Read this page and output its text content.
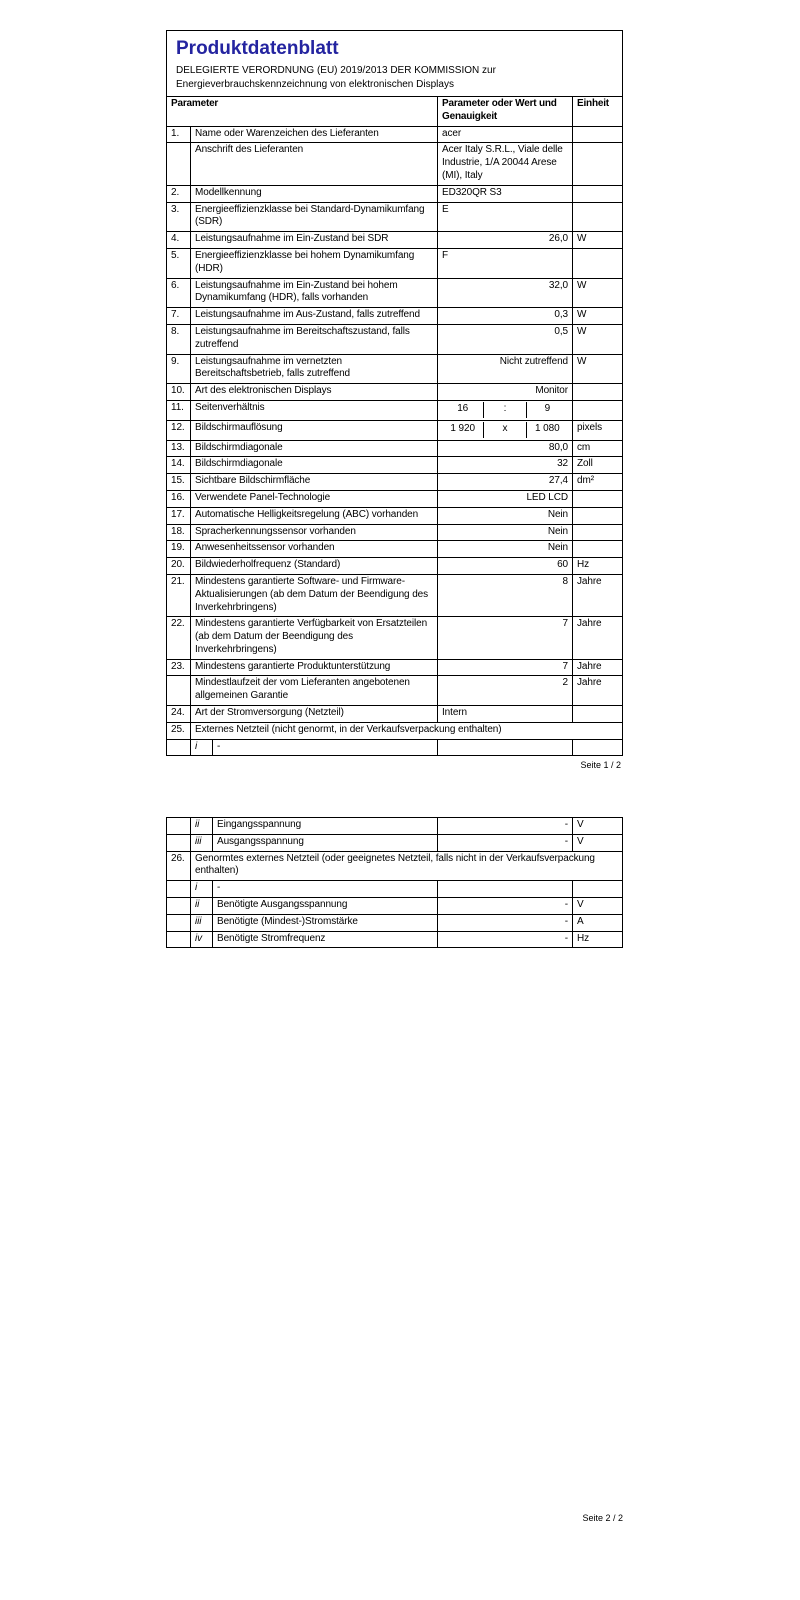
Produktdatenblatt

DELEGIERTE VERORDNUNG (EU) 2019/2013 DER KOMMISSION zur Energieverbrauchskennzeichnung von elektronischen Displays

Parameter			Parameter oder Wert und Genauigkeit	Einheit
1.	Name oder Warenzeichen des Lieferanten		acer	
	Anschrift des Lieferanten		Acer Italy S.R.L., Viale delle Industrie, 1/A 20044 Arese (MI), Italy	
2.	Modellkennung		ED320QR S3	
3.	Energieeffizienzklasse bei Standard-Dynamikumfang (SDR)		E	
4.	Leistungsaufnahme im Ein-Zustand bei SDR		26,0	W
5.	Energieeffizienzklasse bei hohem Dynamikumfang (HDR)		F	
6.	Leistungsaufnahme im Ein-Zustand bei hohem Dynamikumfang (HDR), falls vorhanden		32,0	W
7.	Leistungsaufnahme im Aus-Zustand, falls zutreffend		0,3	W
8.	Leistungsaufnahme im Bereitschaftszustand, falls zutreffend		0,5	W
9.	Leistungsaufnahme im vernetzten Bereitschaftsbetrieb, falls zutreffend		Nicht zutreffend	W
10.	Art des elektronischen Displays		Monitor	
11.	Seitenverhältnis		16 : 9	

12.	Bildschirmauflösung		1 920 x 1 080	pixels
13.	Bildschirmdiagonale		80,0	cm
14.	Bildschirmdiagonale		32	Zoll
15.	Sichtbare Bildschirmfläche		27,4	dm²
16.	Verwendete Panel-Technologie		LED LCD	
17.	Automatische Helligkeitsregelung (ABC) vorhanden		Nein	
18.	Spracherkennungssensor vorhanden		Nein	
19.	Anwesenheitssensor vorhanden		Nein	
20.	Bildwiederholfrequenz (Standard)		60	Hz
21.	Mindestens garantierte Software- und Firmware-Aktualisierungen (ab dem Datum der Beendigung des Inverkehrbringens)		8	Jahre
22.	Mindestens garantierte Verfügbarkeit von Ersatzteilen (ab dem Datum der Beendigung des Inverkehrbringens)		7	Jahre
23.	Mindestens garantierte Produktunterstützung		7	Jahre
	Mindestlaufzeit der vom Lieferanten angebotenen allgemeinen Garantie		2	Jahre
24.	Art der Stromversorgung (Netzteil)		Intern	
25.	Externes Netzteil (nicht genormt, in der Verkaufsverpackung enthalten)			
	i	-		
Seite 1 / 2
	ii	Eingangsspannung	-	V
	iii	Ausgangsspannung	-	V
26.	Genormtes externes Netzteil (oder geeignetes Netzteil, falls nicht in der Verkaufsverpackung enthalten)			
	i	-		
	ii	Benötigte Ausgangsspannung	-	V
	iii	Benötigte (Mindest-)Stromstärke	-	A
	iv	Benötigte Stromfrequenz	-	Hz
Seite 2 / 2
